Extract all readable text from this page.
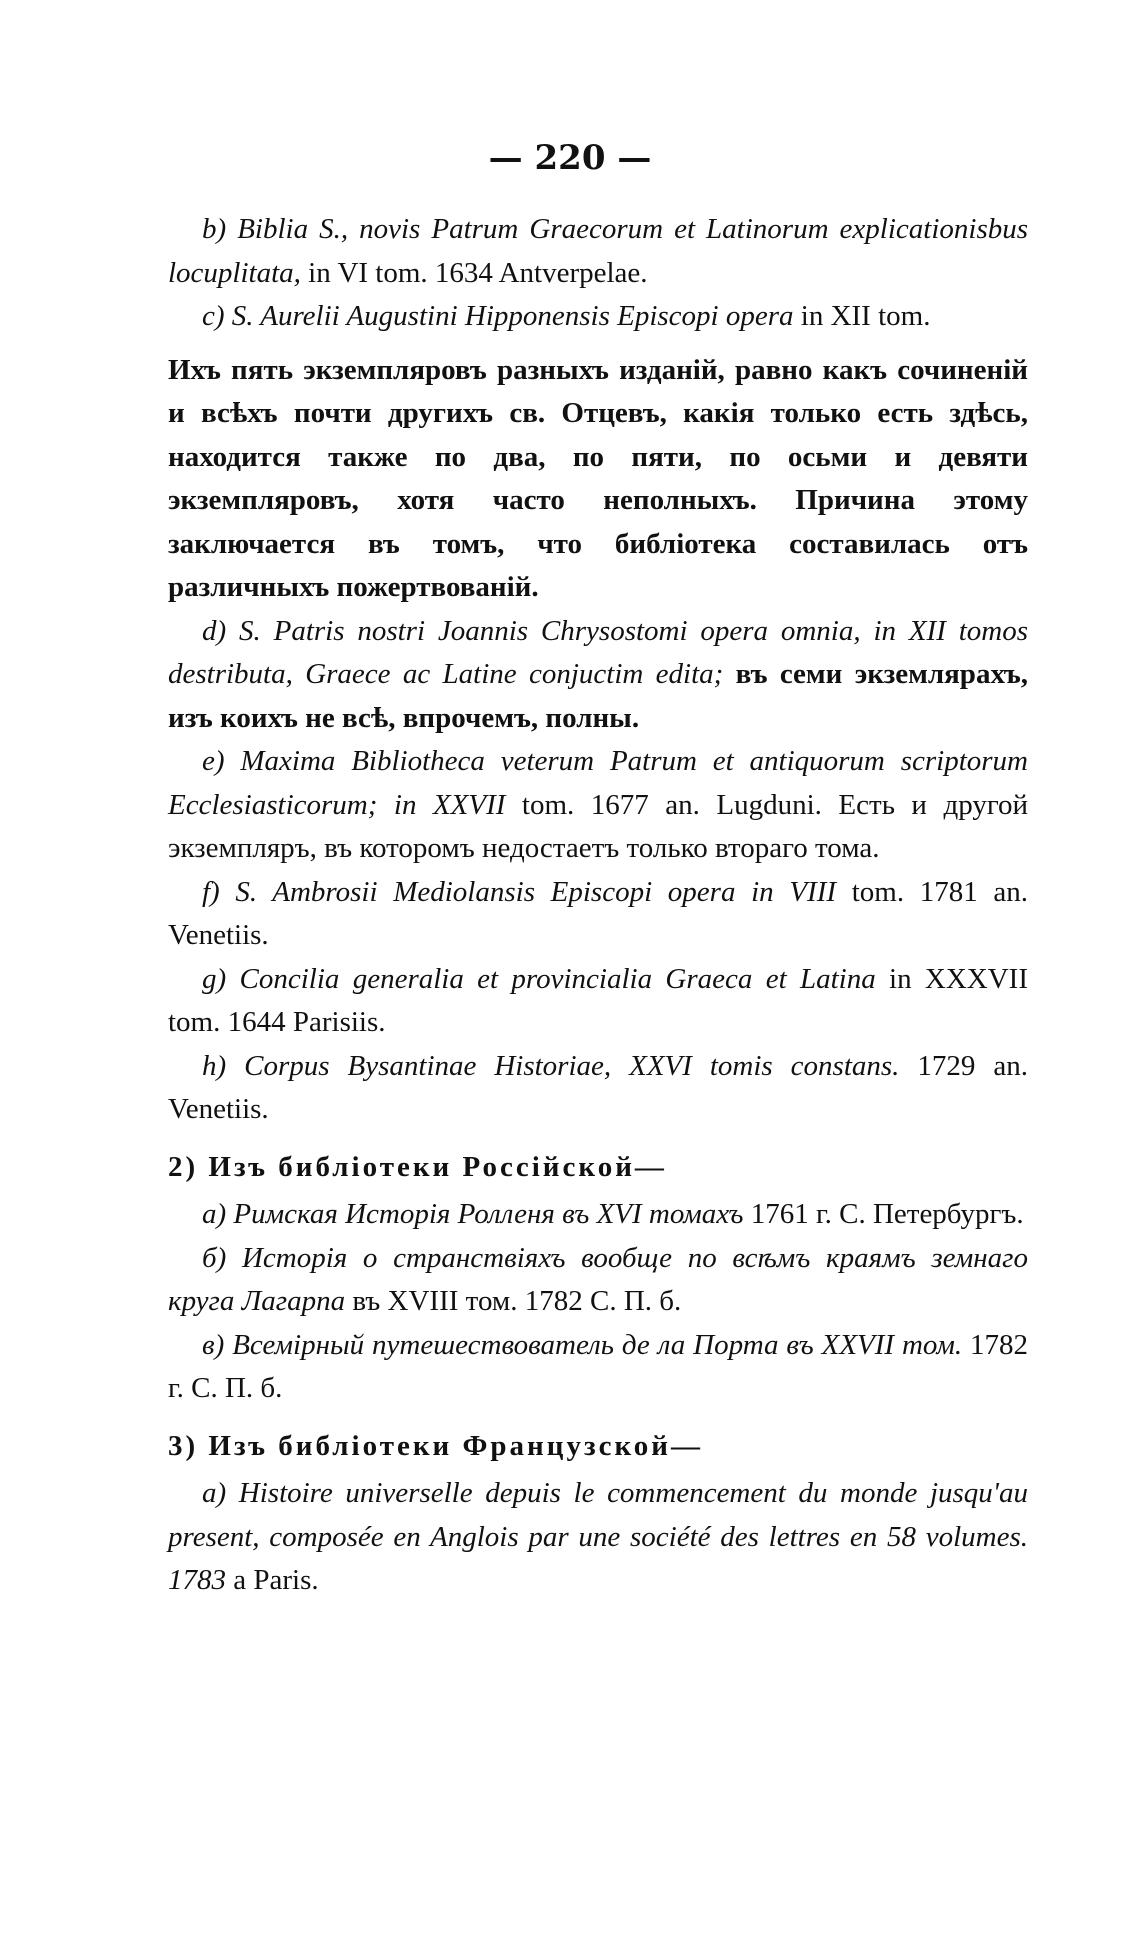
— 220 —

b) Biblia S., novis Patrum Graecorum et Latinorum explicationisbus locuplitata, in VI tom. 1634 Antverpelae.

c) S. Aurelii Augustini Hipponensis Episcopi opera in XII tom.

Ихъ пять экземпляровъ разныхъ изданій, равно какъ сочиненій и всѣхъ почти другихъ св. Отцевъ, какія только есть здѣсь, находится также по два, по пяти, по осьми и девяти экземпляровъ, хотя часто неполныхъ. Причина этому заключается въ томъ, что библіотека составилась отъ различныхъ пожертвованій.

d) S. Patris nostri Joannis Chrysostomi opera omnia, in XII tomos destributa, Graece ac Latine conjuctim edita; въ семи экземлярахъ, изъ коихъ не всѣ, впрочемъ, полны.

e) Maxima Bibliotheca veterum Patrum et antiquorum scriptorum Ecclesiasticorum; in XXVII tom. 1677 an. Lugduni. Есть и другой экземпляръ, въ которомъ недостаетъ только втораго тома.

f) S. Ambrosii Mediolansis Episcopi opera in VIII tom. 1781 an. Venetiis.

g) Concilia generalia et provincialia Graeca et Latina in XXXVII tom. 1644 Parisiis.

h) Corpus Bysantinae Historiae, XXVI tomis constans. 1729 an. Venetiis.

2) Изъ библіотеки Россійской—

а) Римская Исторія Ролленя въ XVI томахъ 1761 г. С. Петербургъ.

б) Исторія о странствіяхъ вообще по всѣмъ краямъ земнаго круга Лагарпа въ XVIII том. 1782 С. П. б.

в) Всемірный путешествователь де ла Порта въ XXVII том. 1782 г. С. П. б.

3) Изъ библіотеки Французской—

a) Histoire universelle depuis le commencement du monde jusqu'au present, composée en Anglois par une société des lettres en 58 volumes. 1783 a Paris.
